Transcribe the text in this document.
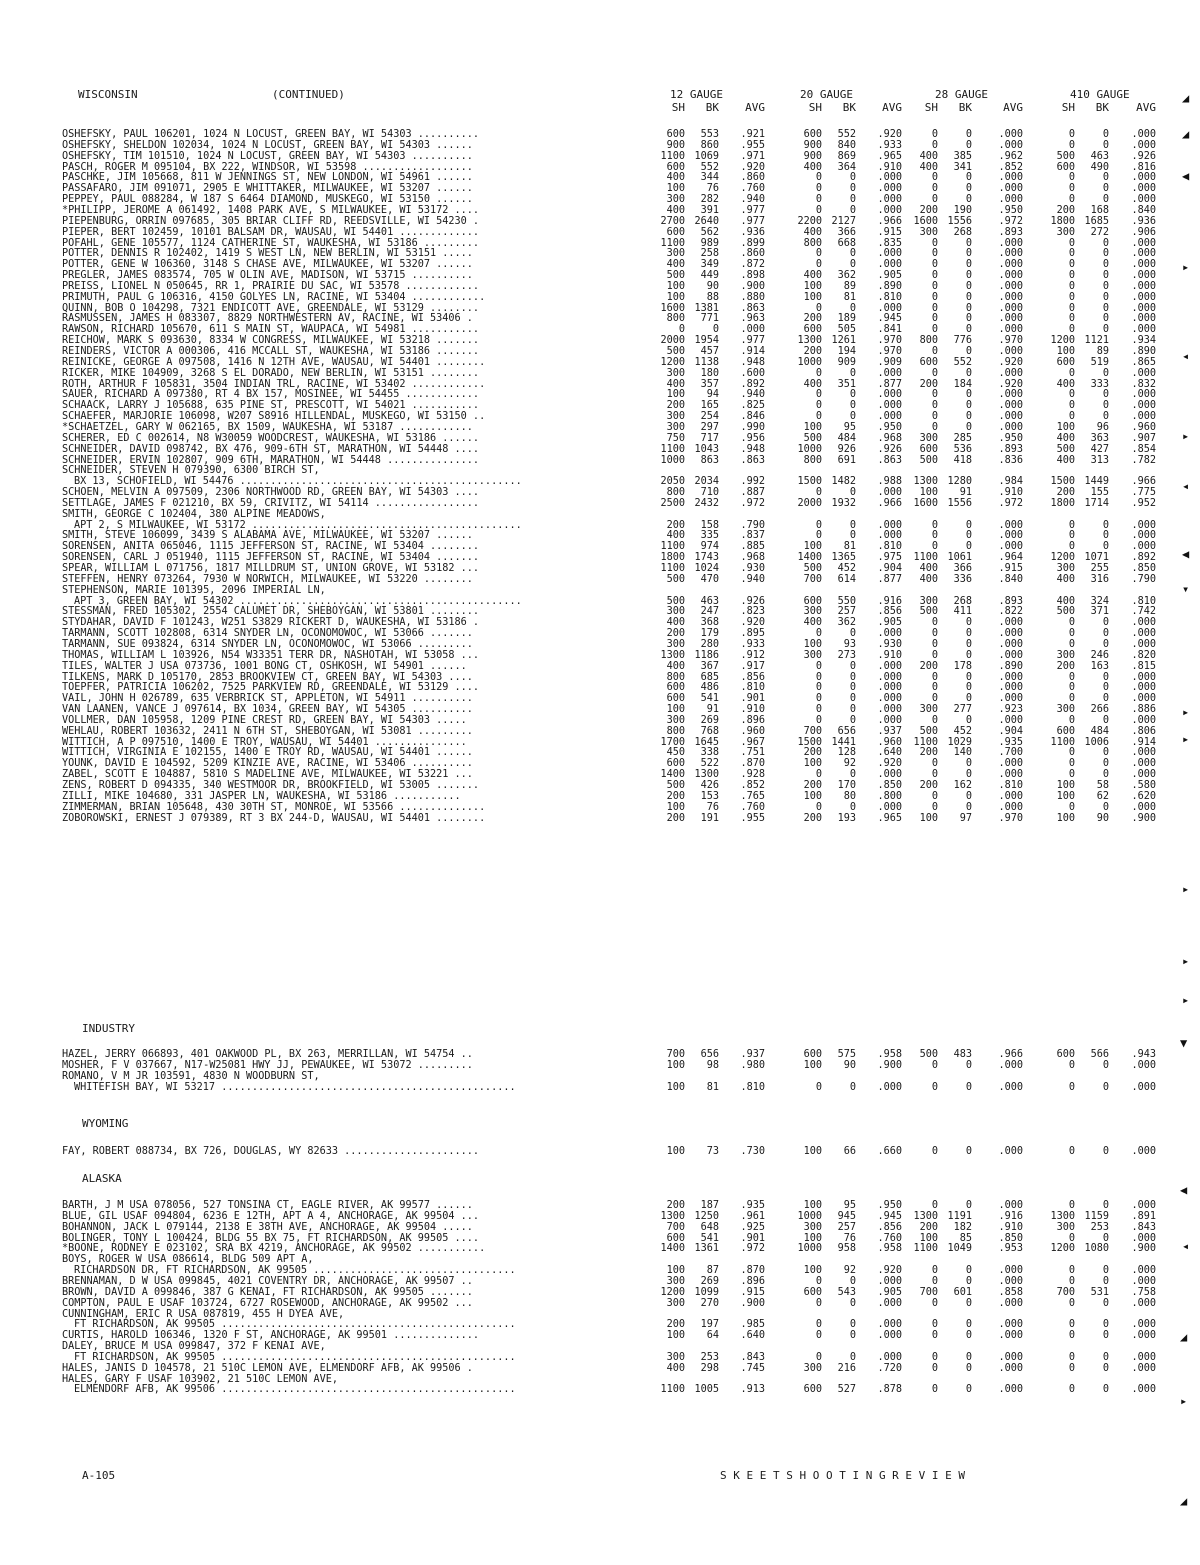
WISCONSIN

	(CONTINUED)

	12 GAUGE

	20 GAUGE

	28 GAUGE

	410 GAUGE

SH	BK	AVG	SH	BK	AVG	SH	BK	AVG	SH	BK	AVG
OSHEFSKY, PAUL 106201, 1024 N LOCUST, GREEN BAY, WI 54303 ..........	600	553	.921	600	552	.920	0	0	.000	0	0	.000
OSHEFSKY, SHELDON 102034, 1024 N LOCUST, GREEN BAY, WI 54303 ......	900	860	.955	900	840	.933	0	0	.000	0	0	.000
OSHEFSKY, TIM 101510, 1024 N LOCUST, GREEN BAY, WI 54303 ..........	1100 1069	.971	900	869	.965	400	385	.962	500	463	.926
PASCH, ROGER M 095104, BX 222, WINDSOR, WI 53598 ..................	600	552	.920	400	364	.910	400	341	.852	600	490	.816
PASCHKE, JIM 105668, 811 W JENNINGS ST, NEW LONDON, WI 54961 ......	400	344	.860	0	0	.000	0	0	.000	0	0	.000
PASSAFARO, JIM 091071, 2905 E WHITTAKER, MILWAUKEE, WI 53207 ......	100	76	.760	0	0	.000	0	0	.000	0	0	.000
PEPPEY, PAUL 088284, W 187 S 6464 DIAMOND, MUSKEGO, WI 53150 ......	300	282	.940	0	0	.000	0	0	.000	0	0	.000
*PHILIPP, JEROME A 061492, 1408 PARK AVE, S MILWAUKEE, WI 53172 ....	400	391	.977	0	0	.000	200	190	.950	200	168	.840
PIEPENBURG, ORRIN 097685, 305 BRIAR CLIFF RD, REEDSVILLE, WI 54230 .	2700 2640	.977	2200 2127	.966	1600 1556	.972	1800 1685	.936
PIEPER, BERT 102459, 10101 BALSAM DR, WAUSAU, WI 54401 .............	600	562	.936	400	366	.915	300	268	.893	300	272	.906
POFAHL, GENE 105577, 1124 CATHERINE ST, WAUKESHA, WI 53186 .........	1100	989	.899	800	668	.835	0	0	.000	0	0	.000
POTTER, DENNIS R 102402, 1419 S WEST LN, NEW BERLIN, WI 53151 .....	300	258	.860	0	0	.000	0	0	.000	0	0	.000
POTTER, GENE W 106360, 3148 S CHASE AVE, MILWAUKEE, WI 53207 ......	400	349	.872	0	0	.000	0	0	.000	0	0	.000
PREGLER, JAMES 083574, 705 W OLIN AVE, MADISON, WI 53715 ..........	500	449	.898	400	362	.905	0	0	.000	0	0	.000
PREISS, LIONEL N 050645, RR 1, PRAIRIE DU SAC, WI 53578 ............	100	90	.900	100	89	.890	0	0	.000	0	0	.000
PRIMUTH, PAUL G 106316, 4150 GOLYES LN, RACINE, WI 53404 ............	100	88	.880	100	81	.810	0	0	.000	0	0	.000
QUINN, BOB O 104298, 7321 ENDICOTT AVE, GREENDALE, WI 53129 ........	1600 1381	.863	0	0	.000	0	0	.000	0	0	.000
RASMUSSEN, JAMES H 083307, 8829 NORTHWESTERN AV, RACINE, WI 53406 .	800	771	.963	200	189	.945	0	0	.000	0	0	.000
RAWSON, RICHARD 105670, 611 S MAIN ST, WAUPACA, WI 54981 ...........	0	0	.000	600	505	.841	0	0	.000	0	0	.000
REICHOW, MARK S 093630, 8334 W CONGRESS, MILWAUKEE, WI 53218 .......	2000 1954	.977	1300 1261	.970	800	776	.970	1200 1121	.934
REINDERS, VICTOR A 000306, 416 MCCALL ST, WAUKESHA, WI 53186 .......	500	457	.914	200	194	.970	0	0	.000	100	89	.890
REINICKE, GEORGE A 097508, 1416 N 12TH AVE, WAUSAU, WI 54401 ........	1200 1138	.948	1000	909	.909	600	552	.920	600	519	.865
RICKER, MIKE 104909, 3268 S EL DORADO, NEW BERLIN, WI 53151 ........	300	180	.600	0	0	.000	0	0	.000	0	0	.000
ROTH, ARTHUR F 105831, 3504 INDIAN TRL, RACINE, WI 53402 ............	400	357	.892	400	351	.877	200	184	.920	400	333	.832
SAUER, RICHARD A 097380, RT 4 BX 157, MOSINEE, WI 54455 ............	100	94	.940	0	0	.000	0	0	.000	0	0	.000
SCHAACK, LARRY J 105688, 635 PINE ST, PRESCOTT, WI 54021 ...........	200	165	.825	0	0	.000	0	0	.000	0	0	.000
SCHAEFER, MARJORIE 106098, W207 S8916 HILLENDAL, MUSKEGO, WI 53150 ..	300	254	.846	0	0	.000	0	0	.000	0	0	.000
*SCHAETZEL, GARY W 062165, BX 1509, WAUKESHA, WI 53187 ............	300	297	.990	100	95	.950	0	0	.000	100	96	.960
SCHERER, ED C 002614, N8 W30059 WOODCREST, WAUKESHA, WI 53186 ......	750	717	.956	500	484	.968	300	285	.950	400	363	.907
SCHNEIDER, DAVID 098742, BX 476, 909-6TH ST, MARATHON, WI 54448 ....	1100 1043	.948	1000	926	.926	600	536	.893	500	427	.854
SCHNEIDER, ERVIN 102807, 909 6TH, MARATHON, WI 54448 ...............	1000	863	.863	800	691	.863	500	418	.836	400	313	.782
SCHNEIDER, STEVEN H 079390, 6300 BIRCH ST,
BX 13, SCHOFIELD, WI 54476 ..............................................	2050 2034	.992	1500 1482	.988	1300 1280	.984	1500 1449	.966
SCHOEN, MELVIN A 097509, 2306 NORTHWOOD RD, GREEN BAY, WI 54303 ....	800	710	.887	0	0	.000	100	91	.910	200	155	.775
SETTLAGE, JAMES F 021210, BX 59, CRIVITZ, WI 54114 .................	2500 2432	.972	2000 1932	.966	1600 1556	.972	1800 1714	.952
SMITH, GEORGE C 102404, 380 ALPINE MEADOWS,
APT 2, S MILWAUKEE, WI 53172 ............................................	200	158	.790	0	0	.000	0	0	.000	0	0	.000
SMITH, STEVE 106099, 3439 S ALABAMA AVE, MILWAUKEE, WI 53207 ......	400	335	.837	0	0	.000	0	0	.000	0	0	.000
SORENSEN, ANITA 065046, 1115 JEFFERSON ST, RACINE, WI 53404 ........	1100	974	.885	100	81	.810	0	0	.000	0	0	.000
SORENSEN, CARL J 051940, 1115 JEFFERSON ST, RACINE, WI 53404 .......	1800 1743	.968	1400 1365	.975	1100 1061	.964	1200 1071	.892
SPEAR, WILLIAM L 071756, 1817 MILLDRUM ST, UNION GROVE, WI 53182 ...	1100 1024	.930	500	452	.904	400	366	.915	300	255	.850
STEFFEN, HENRY 073264, 7930 W NORWICH, MILWAUKEE, WI 53220 ........	500	470	.940	700	614	.877	400	336	.840	400	316	.790
STEPHENSON, MARIE 101395, 2096 IMPERIAL LN,
APT 3, GREEN BAY, WI 54302 ..............................................	500	463	.926	600	550	.916	300	268	.893	400	324	.810
STESSMAN, FRED 105302, 2554 CALUMET DR, SHEBOYGAN, WI 53801 ........	300	247	.823	300	257	.856	500	411	.822	500	371	.742
STYDAHAR, DAVID F 101243, W251 S3829 RICKERT D, WAUKESHA, WI 53186 .	400	368	.920	400	362	.905	0	0	.000	0	0	.000
TARMANN, SCOTT 102808, 6314 SNYDER LN, OCONOMOWOC, WI 53066 .......	200	179	.895	0	0	.000	0	0	.000	0	0	.000
TARMANN, SUE 093824, 6314 SNYDER LN, OCONOMOWOC, WI 53066 .........	300	280	.933	100	93	.930	0	0	.000	0	0	.000
THOMAS, WILLIAM L 103926, N54 W33351 TERR DR, NASHOTAH, WI 53058 ...	1300 1186	.912	300	273	.910	0	0	.000	300	246	.820
TILES, WALTER J USA 073736, 1001 BONG CT, OSHKOSH, WI 54901 ......	400	367	.917	0	0	.000	200	178	.890	200	163	.815
TILKENS, MARK D 105170, 2853 BROOKVIEW CT, GREEN BAY, WI 54303 ....	800	685	.856	0	0	.000	0	0	.000	0	0	.000
TOEPFER, PATRICIA 106202, 7525 PARKVIEW RD, GREENDALE, WI 53129 ....	600	486	.810	0	0	.000	0	0	.000	0	0	.000
VAIL, JOHN H 026789, 635 VERBRICK ST, APPLETON, WI 54911 ..........	600	541	.901	0	0	.000	0	0	.000	0	0	.000
VAN LAANEN, VANCE J 097614, BX 1034, GREEN BAY, WI 54305 ..........	100	91	.910	0	0	.000	300	277	.923	300	266	.886
VOLLMER, DAN 105958, 1209 PINE CREST RD, GREEN BAY, WI 54303 .....	300	269	.896	0	0	.000	0	0	.000	0	0	.000
WEHLAU, ROBERT 103632, 2411 N 6TH ST, SHEBOYGAN, WI 53081 .........	800	768	.960	700	656	.937	500	452	.904	600	484	.806
WITTICH, A P 097510, 1400 E TROY, WAUSAU, WI 54401 ...............	1700 1645	.967	1500 1441	.960	1100 1029	.935	1100 1006	.914
WITTICH, VIRGINIA E 102155, 1400 E TROY RD, WAUSAU, WI 54401 ......	450	338	.751	200	128	.640	200	140	.700	0	0	.000
YOUNK, DAVID E 104592, 5209 KINZIE AVE, RACINE, WI 53406 ..........	600	522	.870	100	92	.920	0	0	.000	0	0	.000
ZABEL, SCOTT E 104887, 5810 S MADELINE AVE, MILWAUKEE, WI 53221 ...	1400 1300	.928	0	0	.000	0	0	.000	0	0	.000
ZENS, ROBERT D 094335, 340 WESTMOOR DR, BROOKFIELD, WI 53005 .......	500	426	.852	200	170	.850	200	162	.810	100	58	.580
ZILLI, MIKE 104680, 331 JASPER LN, WAUKESHA, WI 53186 ...........	200	153	.765	100	80	.800	0	0	.000	100	62	.620
ZIMMERMAN, BRIAN 105648, 430 30TH ST, MONROE, WI 53566 ..............	100	76	.760	0	0	.000	0	0	.000	0	0	.000
ZOBOROWSKI, ERNEST J 079389, RT 3 BX 244-D, WAUSAU, WI 54401 ........	200	191	.955	200	193	.965	100	97	.970	100	90	.900
INDUSTRY
HAZEL, JERRY 066893, 401 OAKWOOD PL, BX 263, MERRILLAN, WI 54754 ..	700	656	.937	600	575	.958	500	483	.966	600	566	.943
MOSHER, F V 037667, N17-W25081 HWY JJ, PEWAUKEE, WI 53072 .........	100	98	.980	100	90	.900	0	0	.000	0	0	.000
ROMANO, V M JR 103591, 4830 N WOODBURN ST,
WHITEFISH BAY, WI 53217 ................................................	100	81	.810	0	0	.000	0	0	.000	0	0	.000
WYOMING
FAY, ROBERT 088734, BX 726, DOUGLAS, WY 82633 ......................	100	73	.730	100	66	.660	0	0	.000	0	0	.000
ALASKA
BARTH, J M USA 078056, 527 TONSINA CT, EAGLE RIVER, AK 99577 ......	200	187	.935	100	95	.950	0	0	.000	0	0	.000
BLUE, GIL USAF 094804, 6236 E 12TH, APT A 4, ANCHORAGE, AK 99504 ...	1300 1250	.961	1000	945	.945	1300 1191	.916	1300 1159	.891
BOHANNON, JACK L 079144, 2138 E 38TH AVE, ANCHORAGE, AK 99504 .....	700	648	.925	300	257	.856	200	182	.910	300	253	.843
BOLINGER, TONY L 100424, BLDG 55 BX 75, FT RICHARDSON, AK 99505 ....	600	541	.901	100	76	.760	100	85	.850	0	0	.000
*BOONE, RODNEY E 023102, SRA BX 4219, ANCHORAGE, AK 99502 ...........	1400 1361	.972	1000	958	.958	1100 1049	.953	1200 1080	.900
BOYS, ROGER W USA 086614, BLDG 509 APT A,
RICHARDSON DR, FT RICHARDSON, AK 99505 .................................	100	87	.870	100	92	.920	0	0	.000	0	0	.000
BRENNAMAN, D W USA 099845, 4021 COVENTRY DR, ANCHORAGE, AK 99507 ..	300	269	.896	0	0	.000	0	0	.000	0	0	.000
BROWN, DAVID A 099846, 387 G KENAI, FT RICHARDSON, AK 99505 .......	1200 1099	.915	600	543	.905	700	601	.858	700	531	.758
COMPTON, PAUL E USAF 103724, 6727 ROSEWOOD, ANCHORAGE, AK 99502 ...	300	270	.900	0	0	.000	0	0	.000	0	0	.000
CUNNINGHAM, ERIC R USA 087819, 455 H DYEA AVE,
FT RICHARDSON, AK 99505 ................................................	200	197	.985	0	0	.000	0	0	.000	0	0	.000
CURTIS, HAROLD 106346, 1320 F ST, ANCHORAGE, AK 99501 ..............	100	64	.640	0	0	.000	0	0	.000	0	0	.000
DALEY, BRUCE M USA 099847, 372 F KENAI AVE,
FT RICHARDSON, AK 99505 ................................................	300	253	.843	0	0	.000	0	0	.000	0	0	.000
HALES, JANIS D 104578, 21 510C LEMON AVE, ELMENDORF AFB, AK 99506 .	400	298	.745	300	216	.720	0	0	.000	0	0	.000
HALES, GARY F USAF 103902, 21 510C LEMON AVE,
ELMENDORF AFB, AK 99506 ................................................	1100 1005	.913	600	527	.878	0	0	.000	0	0	.000
A-105	S K E E T S H O O T I N G R E V I E W
◢
◢
◀
▸
◂
▸
◂
◀
▾
▸
▸
▸
▸
▸
▼
◀
◂
◢
▸
◢
